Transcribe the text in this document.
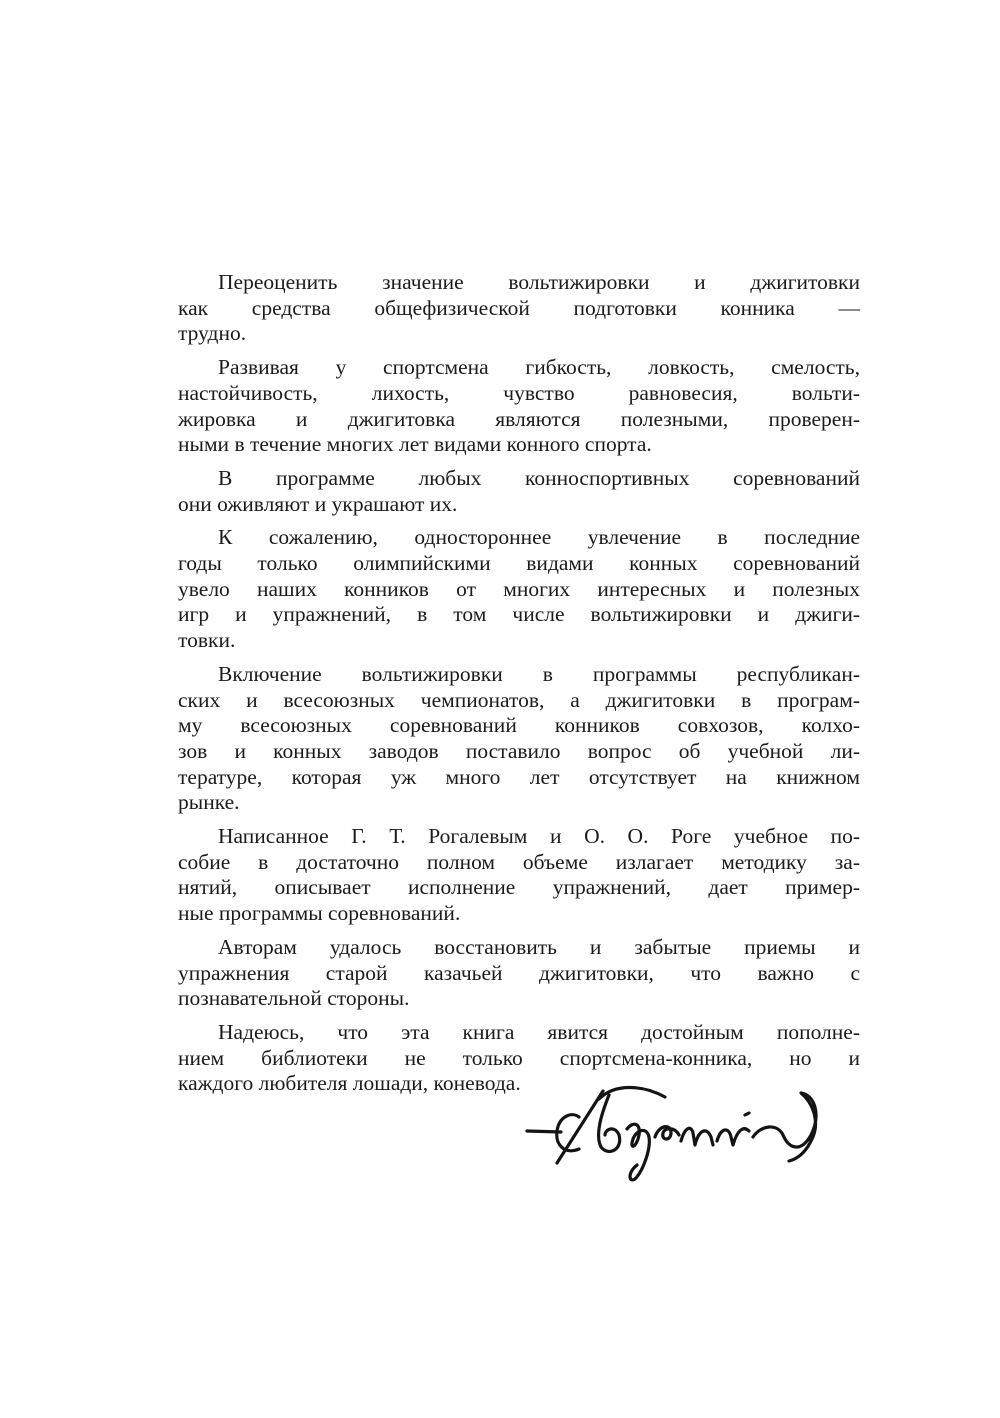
Переоценить значение вольтижировки и джигитовки
как средства общефизической подготовки конника —
трудно.
Развивая у спортсмена гибкость, ловкость, смелость,
настойчивость, лихость, чувство равновесия, вольти-
жировка и джигитовка являются полезными, проверен-
ными в течение многих лет видами конного спорта.
В программе любых конноспортивных соревнований
они оживляют и украшают их.
К сожалению, одностороннее увлечение в последние
годы только олимпийскими видами конных соревнований
увело наших конников от многих интересных и полезных
игр и упражнений, в том числе вольтижировки и джиги-
товки.
Включение вольтижировки в программы республикан-
ских и всесоюзных чемпионатов, а джигитовки в програм-
му всесоюзных соревнований конников совхозов, колхо-
зов и конных заводов поставило вопрос об учебной ли-
тературе, которая уж много лет отсутствует на книжном
рынке.
Написанное Г. Т. Рогалевым и О. О. Роге учебное по-
собие в достаточно полном объеме излагает методику за-
нятий, описывает исполнение упражнений, дает пример-
ные программы соревнований.
Авторам удалось восстановить и забытые приемы и
упражнения старой казачьей джигитовки, что важно с
познавательной стороны.
Надеюсь, что эта книга явится достойным пополне-
нием библиотеки не только спортсмена-конника, но и
каждого любителя лошади, коневода.
